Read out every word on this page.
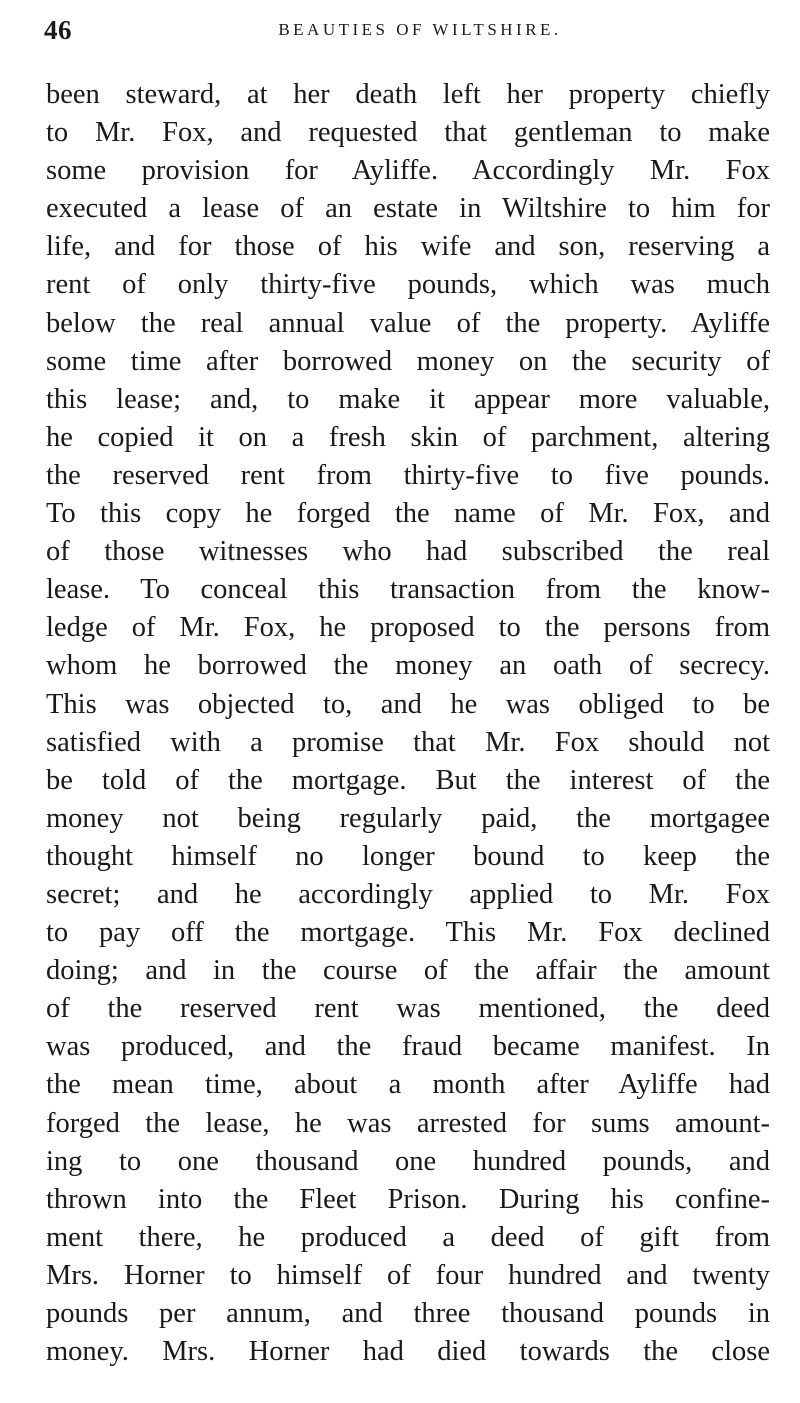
46	BEAUTIES OF WILTSHIRE.
been steward, at her death left her property chiefly
to Mr. Fox, and requested that gentleman to make
some provision for Ayliffe. Accordingly Mr. Fox
executed a lease of an estate in Wiltshire to him for
life, and for those of his wife and son, reserving a
rent of only thirty-five pounds, which was much
below the real annual value of the property. Ayliffe
some time after borrowed money on the security of
this lease; and, to make it appear more valuable,
he copied it on a fresh skin of parchment, altering
the reserved rent from thirty-five to five pounds.
To this copy he forged the name of Mr. Fox, and
of those witnesses who had subscribed the real
lease. To conceal this transaction from the know-
ledge of Mr. Fox, he proposed to the persons from
whom he borrowed the money an oath of secrecy.
This was objected to, and he was obliged to be
satisfied with a promise that Mr. Fox should not
be told of the mortgage. But the interest of the
money not being regularly paid, the mortgagee
thought himself no longer bound to keep the
secret; and he accordingly applied to Mr. Fox
to pay off the mortgage. This Mr. Fox declined
doing; and in the course of the affair the amount
of the reserved rent was mentioned, the deed
was produced, and the fraud became manifest. In
the mean time, about a month after Ayliffe had
forged the lease, he was arrested for sums amount-
ing to one thousand one hundred pounds, and
thrown into the Fleet Prison. During his confine-
ment there, he produced a deed of gift from
Mrs. Horner to himself of four hundred and twenty
pounds per annum, and three thousand pounds in
money. Mrs. Horner had died towards the close
